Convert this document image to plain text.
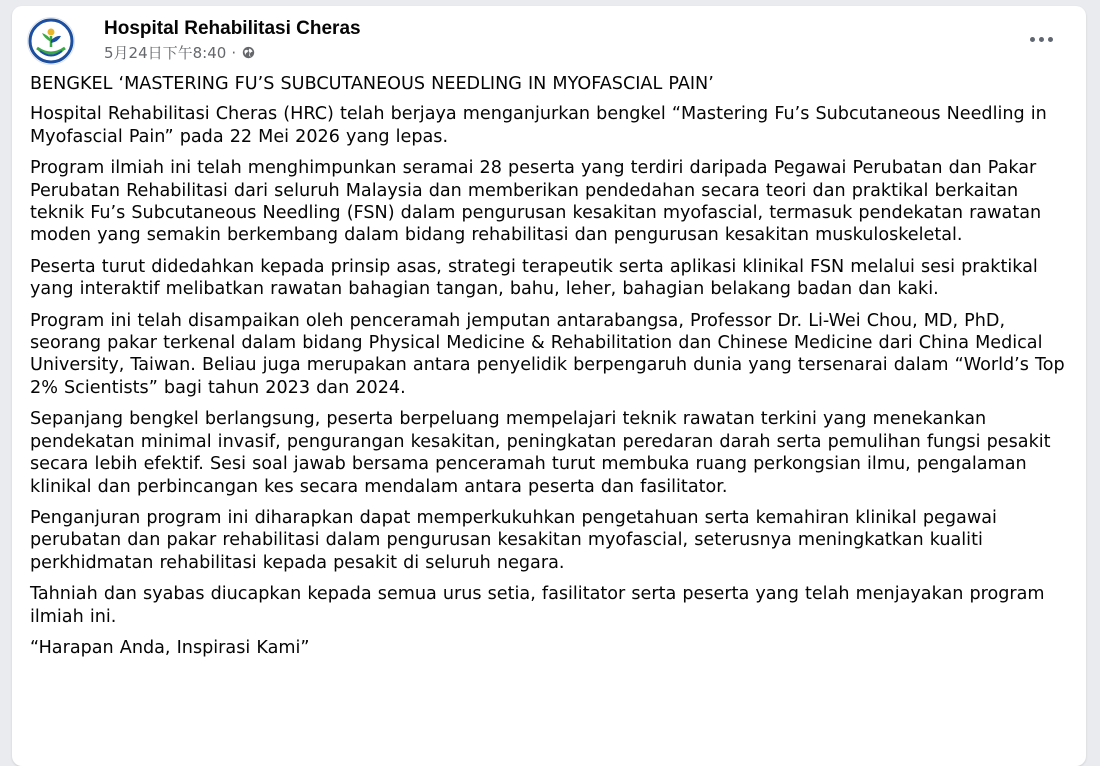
Hospital Rehabilitasi Cheras
5月24日下午8:40 ·

BENGKEL ‘MASTERING FU’S SUBCUTANEOUS NEEDLING IN MYOFASCIAL PAIN’

Hospital Rehabilitasi Cheras (HRC) telah berjaya menganjurkan bengkel “Mastering Fu’s Subcutaneous Needling in Myofascial Pain” pada 22 Mei 2026 yang lepas.

Program ilmiah ini telah menghimpunkan seramai 28 peserta yang terdiri daripada Pegawai Perubatan dan Pakar Perubatan Rehabilitasi dari seluruh Malaysia dan memberikan pendedahan secara teori dan praktikal berkaitan teknik Fu’s Subcutaneous Needling (FSN) dalam pengurusan kesakitan myofascial, termasuk pendekatan rawatan moden yang semakin berkembang dalam bidang rehabilitasi dan pengurusan kesakitan muskuloskeletal.

Peserta turut didedahkan kepada prinsip asas, strategi terapeutik serta aplikasi klinikal FSN melalui sesi praktikal yang interaktif melibatkan rawatan bahagian tangan, bahu, leher, bahagian belakang badan dan kaki.

Program ini telah disampaikan oleh penceramah jemputan antarabangsa, Professor Dr. Li-Wei Chou, MD, PhD, seorang pakar terkenal dalam bidang Physical Medicine & Rehabilitation dan Chinese Medicine dari China Medical University, Taiwan. Beliau juga merupakan antara penyelidik berpengaruh dunia yang tersenarai dalam “World’s Top 2% Scientists” bagi tahun 2023 dan 2024.

Sepanjang bengkel berlangsung, peserta berpeluang mempelajari teknik rawatan terkini yang menekankan pendekatan minimal invasif, pengurangan kesakitan, peningkatan peredaran darah serta pemulihan fungsi pesakit secara lebih efektif. Sesi soal jawab bersama penceramah turut membuka ruang perkongsian ilmu, pengalaman klinikal dan perbincangan kes secara mendalam antara peserta dan fasilitator.

Penganjuran program ini diharapkan dapat memperkukuhkan pengetahuan serta kemahiran klinikal pegawai perubatan dan pakar rehabilitasi dalam pengurusan kesakitan myofascial, seterusnya meningkatkan kualiti perkhidmatan rehabilitasi kepada pesakit di seluruh negara.

Tahniah dan syabas diucapkan kepada semua urus setia, fasilitator serta peserta yang telah menjayakan program ilmiah ini.

“Harapan Anda, Inspirasi Kami”
